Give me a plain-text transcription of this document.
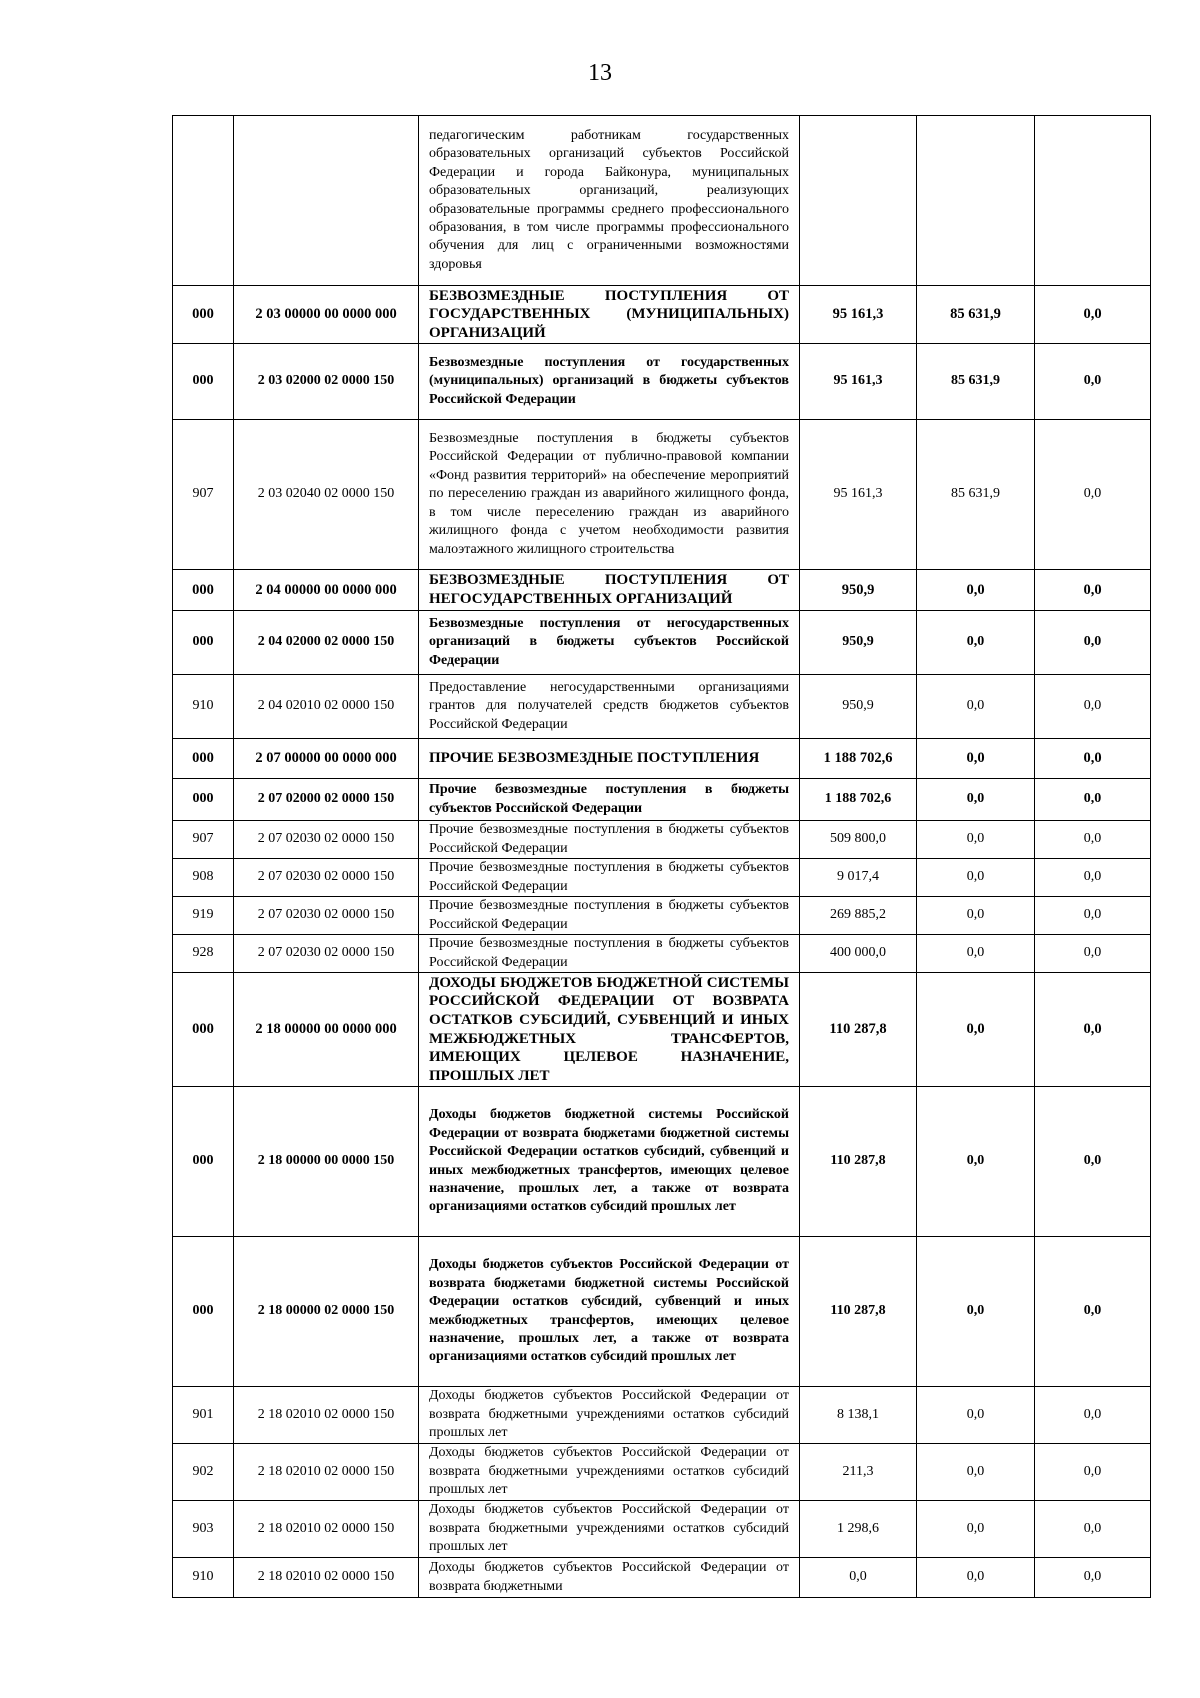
13
		педагогическим работникам государственных образовательных организаций субъектов Российской Федерации и города Байконура, муниципальных образовательных организаций, реализующих образовательные программы среднего профессионального образования, в том числе программы профессионального обучения для лиц с ограниченными возможностями здоровья			
000	2 03 00000 00 0000 000	БЕЗВОЗМЕЗДНЫЕ ПОСТУПЛЕНИЯ ОТ ГОСУДАРСТВЕННЫХ (МУНИЦИПАЛЬНЫХ) ОРГАНИЗАЦИЙ	95 161,3	85 631,9	0,0
000	2 03 02000 02 0000 150	Безвозмездные поступления от государственных (муниципальных) организаций в бюджеты субъектов Российской Федерации	95 161,3	85 631,9	0,0
907	2 03 02040 02 0000 150	Безвозмездные поступления в бюджеты субъектов Российской Федерации от публично-правовой компании «Фонд развития территорий» на обеспечение мероприятий по переселению граждан из аварийного жилищного фонда, в том числе переселению граждан из аварийного жилищного фонда с учетом необходимости развития малоэтажного жилищного строительства	95 161,3	85 631,9	0,0
000	2 04 00000 00 0000 000	БЕЗВОЗМЕЗДНЫЕ ПОСТУПЛЕНИЯ ОТ НЕГОСУДАРСТВЕННЫХ ОРГАНИЗАЦИЙ	950,9	0,0	0,0
000	2 04 02000 02 0000 150	Безвозмездные поступления от негосударственных организаций в бюджеты субъектов Российской Федерации	950,9	0,0	0,0
910	2 04 02010 02 0000 150	Предоставление негосударственными организациями грантов для получателей средств бюджетов субъектов Российской Федерации	950,9	0,0	0,0
000	2 07 00000 00 0000 000	ПРОЧИЕ БЕЗВОЗМЕЗДНЫЕ ПОСТУПЛЕНИЯ	1 188 702,6	0,0	0,0
000	2 07 02000 02 0000 150	Прочие безвозмездные поступления в бюджеты субъектов Российской Федерации	1 188 702,6	0,0	0,0
907	2 07 02030 02 0000 150	Прочие безвозмездные поступления в бюджеты субъектов Российской Федерации	509 800,0	0,0	0,0
908	2 07 02030 02 0000 150	Прочие безвозмездные поступления в бюджеты субъектов Российской Федерации	9 017,4	0,0	0,0
919	2 07 02030 02 0000 150	Прочие безвозмездные поступления в бюджеты субъектов Российской Федерации	269 885,2	0,0	0,0
928	2 07 02030 02 0000 150	Прочие безвозмездные поступления в бюджеты субъектов Российской Федерации	400 000,0	0,0	0,0
000	2 18 00000 00 0000 000	ДОХОДЫ БЮДЖЕТОВ БЮДЖЕТНОЙ СИСТЕМЫ РОССИЙСКОЙ ФЕДЕРАЦИИ ОТ ВОЗВРАТА ОСТАТКОВ СУБСИДИЙ, СУБВЕНЦИЙ И ИНЫХ МЕЖБЮДЖЕТНЫХ ТРАНСФЕРТОВ, ИМЕЮЩИХ ЦЕЛЕВОЕ НАЗНАЧЕНИЕ, ПРОШЛЫХ ЛЕТ	110 287,8	0,0	0,0
000	2 18 00000 00 0000 150	Доходы бюджетов бюджетной системы Российской Федерации от возврата бюджетами бюджетной системы Российской Федерации остатков субсидий, субвенций и иных межбюджетных трансфертов, имеющих целевое назначение, прошлых лет, а также от возврата организациями остатков субсидий прошлых лет	110 287,8	0,0	0,0
000	2 18 00000 02 0000 150	Доходы бюджетов субъектов Российской Федерации от возврата бюджетами бюджетной системы Российской Федерации остатков субсидий, субвенций и иных межбюджетных трансфертов, имеющих целевое назначение, прошлых лет, а также от возврата организациями остатков субсидий прошлых лет	110 287,8	0,0	0,0
901	2 18 02010 02 0000 150	Доходы бюджетов субъектов Российской Федерации от возврата бюджетными учреждениями остатков субсидий прошлых лет	8 138,1	0,0	0,0
902	2 18 02010 02 0000 150	Доходы бюджетов субъектов Российской Федерации от возврата бюджетными учреждениями остатков субсидий прошлых лет	211,3	0,0	0,0
903	2 18 02010 02 0000 150	Доходы бюджетов субъектов Российской Федерации от возврата бюджетными учреждениями остатков субсидий прошлых лет	1 298,6	0,0	0,0
910	2 18 02010 02 0000 150	Доходы бюджетов субъектов Российской Федерации от возврата бюджетными	0,0	0,0	0,0
